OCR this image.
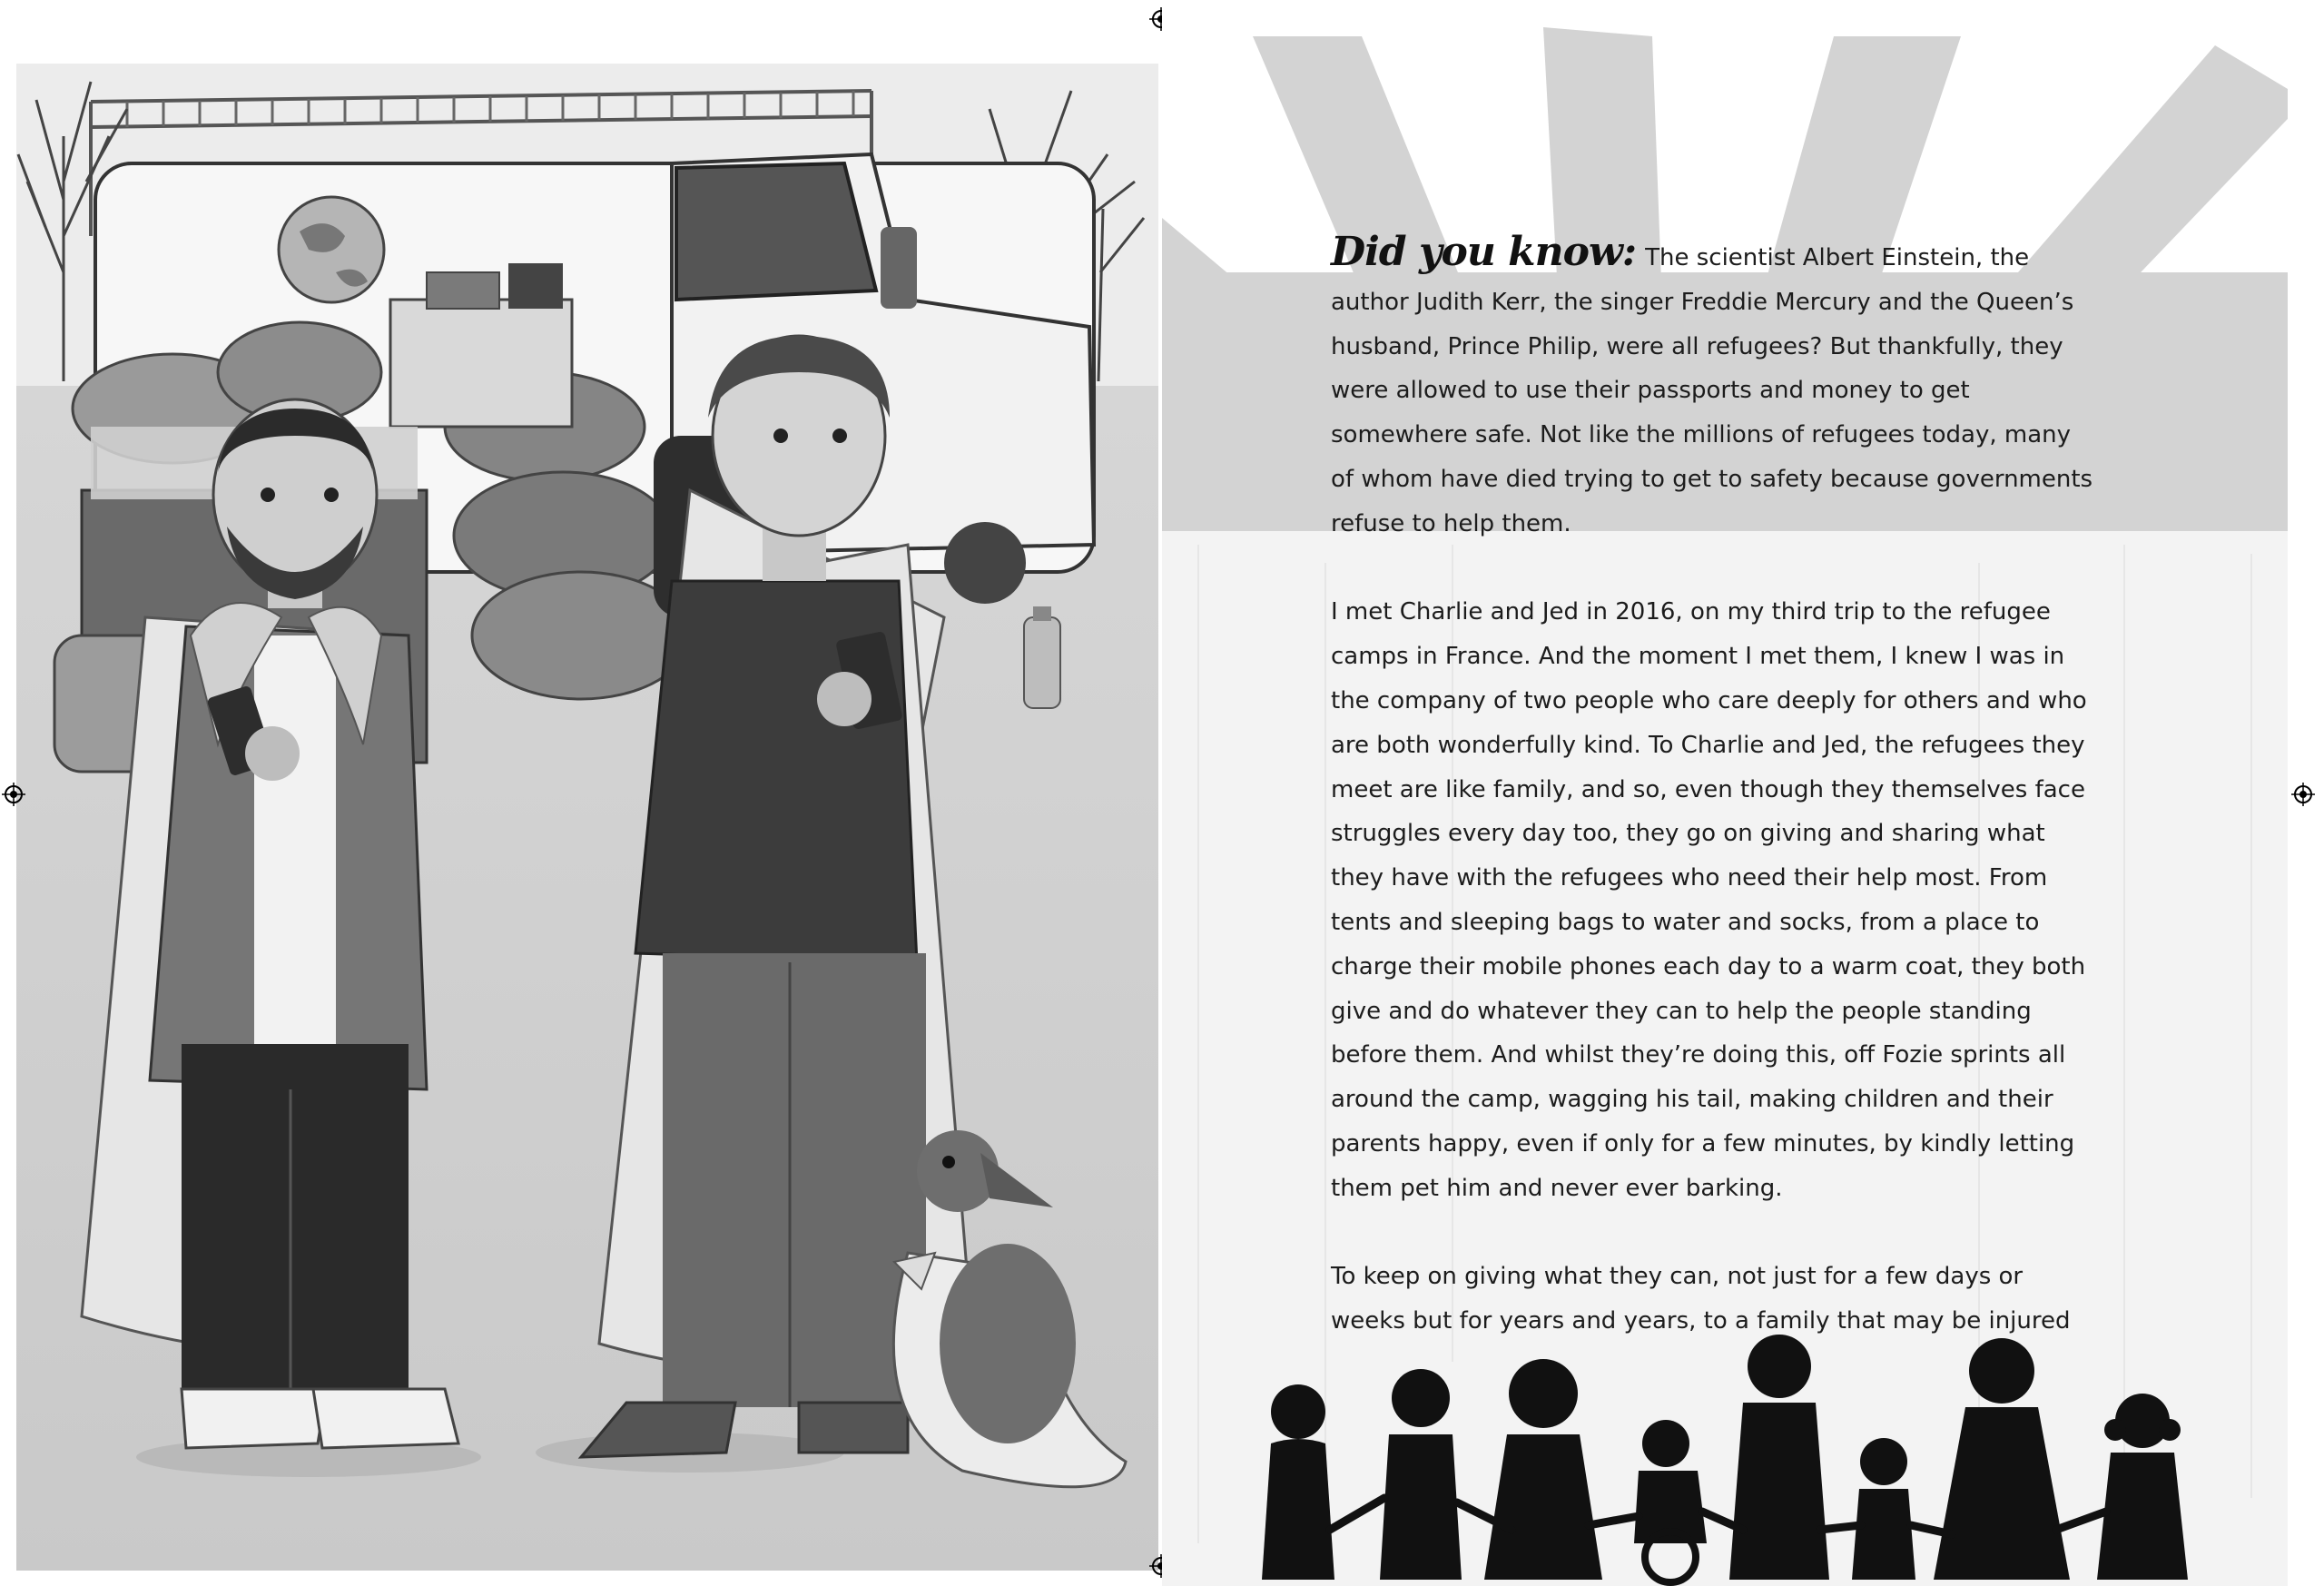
Did you know: The scientist Albert Einstein, the author Judith Kerr, the singer Freddie Mercury and the Queen’s husband, Prince Philip, were all refugees? But thankfully, they were allowed to use their passports and money to get somewhere safe. Not like the millions of refugees today, many of whom have died trying to get to safety because governments refuse to help them.

I met Charlie and Jed in 2016, on my third trip to the refugee camps in France. And the moment I met them, I knew I was in the company of two people who care deeply for others and who are both wonderfully kind. To Charlie and Jed, the refugees they meet are like family, and so, even though they themselves face struggles every day too, they go on giving and sharing what they have with the refugees who need their help most. From tents and sleeping bags to water and socks, from a place to charge their mobile phones each day to a warm coat, they both give and do whatever they can to help the people standing before them. And whilst they’re doing this, off Fozie sprints all around the camp, wagging his tail, making children and their parents happy, even if only for a few minutes, by kindly letting them pet him and never ever barking.

To keep on giving what they can, not just for a few days or weeks but for years and years, to a family that may be injured
